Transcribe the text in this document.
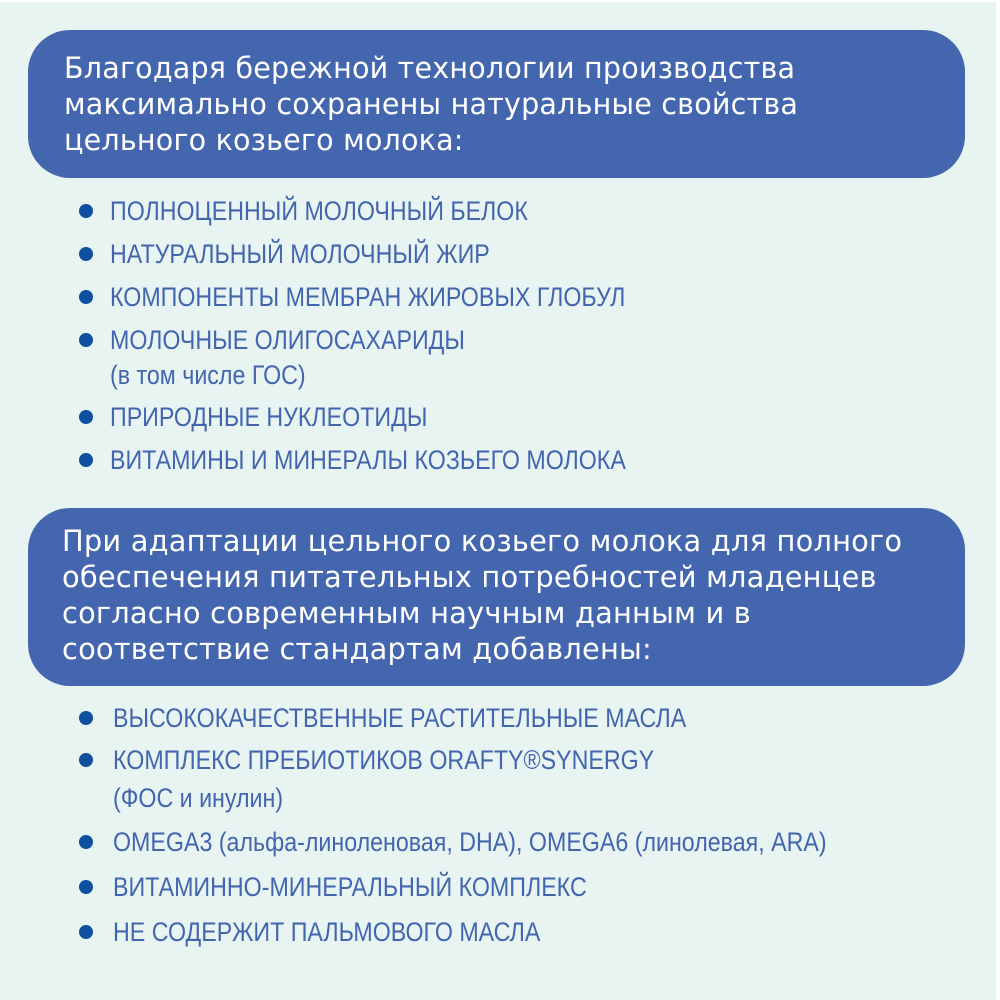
Благодаря бережной технологии производства
максимально сохранены натуральные свойства
цельного козьего молока:
ПОЛНОЦЕННЫЙ МОЛОЧНЫЙ БЕЛОК
НАТУРАЛЬНЫЙ МОЛОЧНЫЙ ЖИР
КОМПОНЕНТЫ МЕМБРАН ЖИРОВЫХ ГЛОБУЛ
МОЛОЧНЫЕ ОЛИГОСАХАРИДЫ
(в том числе ГОС)
ПРИРОДНЫЕ НУКЛЕОТИДЫ
ВИТАМИНЫ И МИНЕРАЛЫ КОЗЬЕГО МОЛОКА
При адаптации цельного козьего молока для полного
обеспечения питательных потребностей младенцев
согласно современным научным данным и в
соответствие стандартам добавлены:
ВЫСОКОКАЧЕСТВЕННЫЕ РАСТИТЕЛЬНЫЕ МАСЛА
КОМПЛЕКС ПРЕБИОТИКОВ ORAFTY®SYNERGY
(ФОС и инулин)
OMEGA3 (альфа-линоленовая, DHA), OMEGA6 (линолевая, ARA)
ВИТАМИННО-МИНЕРАЛЬНЫЙ КОМПЛЕКС
НЕ СОДЕРЖИТ ПАЛЬМОВОГО МАСЛА
